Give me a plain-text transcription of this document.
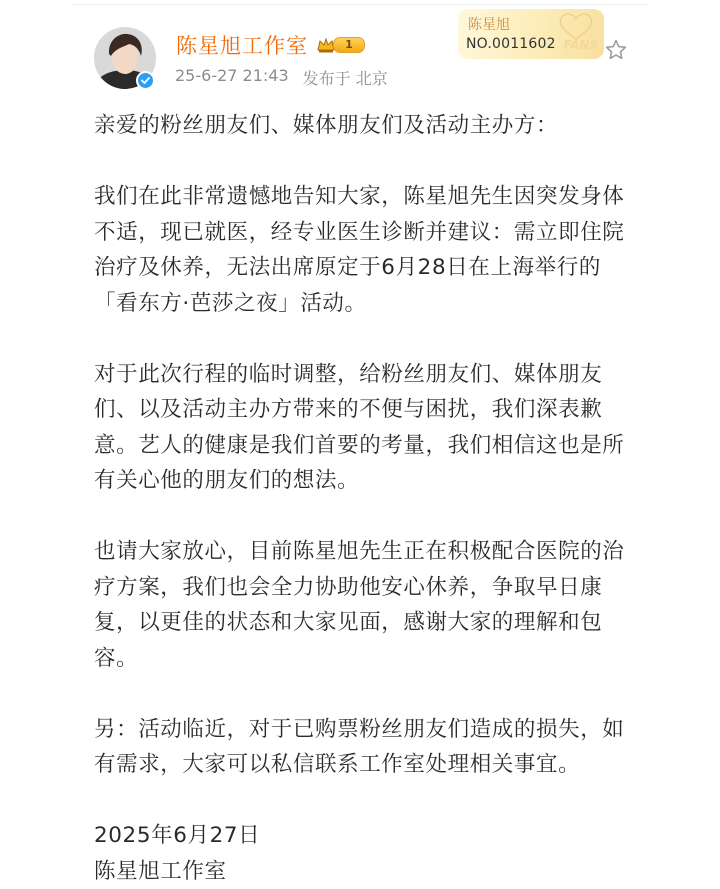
陈星旭工作室	1
25-6-27 21:43 发布于 北京
陈星旭
NO.0011602 FANS

亲爱的粉丝朋友们、媒体朋友们及活动主办方：

我们在此非常遗憾地告知大家，陈星旭先生因突发身体不适，现已就医，经专业医生诊断并建议：需立即住院治疗及休养，无法出席原定于6月28日在上海举行的「看东方·芭莎之夜」活动。

对于此次行程的临时调整，给粉丝朋友们、媒体朋友们、以及活动主办方带来的不便与困扰，我们深表歉意。艺人的健康是我们首要的考量，我们相信这也是所有关心他的朋友们的想法。

也请大家放心，目前陈星旭先生正在积极配合医院的治疗方案，我们也会全力协助他安心休养，争取早日康复，以更佳的状态和大家见面，感谢大家的理解和包容。

另：活动临近，对于已购票粉丝朋友们造成的损失，如有需求，大家可以私信联系工作室处理相关事宜。

2025年6月27日

陈星旭工作室
